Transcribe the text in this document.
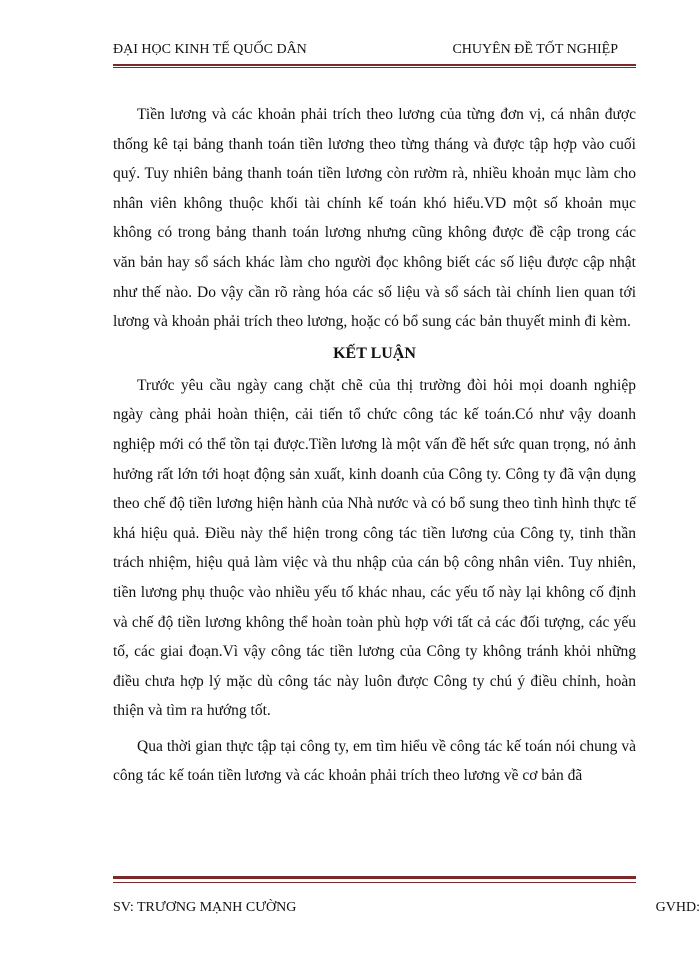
ĐẠI HỌC KINH TẾ QUỐC DÂN	CHUYÊN ĐỀ TỐT NGHIỆP

Tiền lương và các khoản phải trích theo lương của từng đơn vị, cá nhân được thống kê tại bảng thanh toán tiền lương theo từng tháng và được tập hợp vào cuối quý. Tuy nhiên bảng thanh toán tiền lương còn rườm rà, nhiều khoản mục làm cho nhân viên không thuộc khối tài chính kế toán khó hiểu.VD một số khoản mục không có trong bảng thanh toán lương nhưng cũng không được đề cập trong các văn bản hay sổ sách khác làm cho người đọc không biết các số liệu được cập nhật như thế nào. Do vậy cần rõ ràng hóa các số liệu và sổ sách tài chính lien quan tới lương và khoản phải trích theo lương, hoặc có bổ sung các bản thuyết minh đi kèm.

KẾT LUẬN

Trước yêu cầu ngày cang chặt chẽ của thị trường đòi hỏi mọi doanh nghiệp ngày càng phải hoàn thiện, cải tiến tổ chức công tác kế toán.Có như vậy doanh nghiệp mới có thể tồn tại được.Tiền lương là một vấn đề hết sức quan trọng, nó ảnh hưởng rất lớn tới hoạt động sản xuất, kinh doanh của Công ty. Công ty đã vận dụng theo chế độ tiền lương hiện hành của Nhà nước và có bổ sung theo tình hình thực tế khá hiệu quả. Điều này thể hiện trong công tác tiền lương của Công ty, tinh thần trách nhiệm, hiệu quả làm việc và thu nhập của cán bộ công nhân viên. Tuy nhiên, tiền lương phụ thuộc vào nhiều yếu tố khác nhau, các yếu tố này lại không cố định và chế độ tiền lương không thể hoàn toàn phù hợp với tất cả các đối tượng, các yếu tố, các giai đoạn.Vì vậy công tác tiền lương của Công ty không tránh khỏi những điều chưa hợp lý mặc dù công tác này luôn được Công ty chú ý điều chỉnh, hoàn thiện và tìm ra hướng tốt.

Qua thời gian thực tập tại công ty, em tìm hiểu về công tác kế toán nói chung và công tác kế toán tiền lương và các khoản phải trích theo lương về cơ bản đã

SV: TRƯƠNG MẠNH CƯỜNG	GVHD:
